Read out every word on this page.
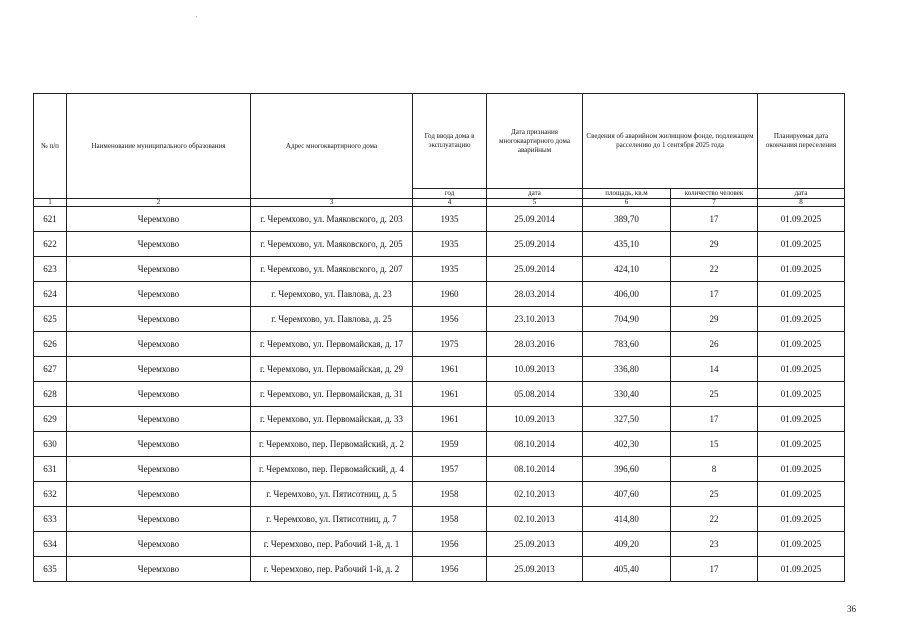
'
№ п/п	Наименование муниципального образования	Адрес многоквартирного дома	Год ввода дома в эксплуатацию	Дата признания многоквартирного дома аварийным	Сведения об аварийном жилищном фонде, подлежащем расселению до 1 сентября 2025 года		Планируемая дата окончания переселения
			год	дата	площадь, кв.м	количество человек	дата
1	2	3	4	5	6	7	8
621	Черемхово	г. Черемхово, ул. Маяковского, д. 203	1935	25.09.2014	389,70	17	01.09.2025
622	Черемхово	г. Черемхово, ул. Маяковского, д. 205	1935	25.09.2014	435,10	29	01.09.2025
623	Черемхово	г. Черемхово, ул. Маяковского, д. 207	1935	25.09.2014	424,10	22	01.09.2025
624	Черемхово	г. Черемхово, ул. Павлова, д. 23	1960	28.03.2014	406,00	17	01.09.2025
625	Черемхово	г. Черемхово, ул. Павлова, д. 25	1956	23.10.2013	704,90	29	01.09.2025
626	Черемхово	г. Черемхово, ул. Первомайская, д. 17	1975	28.03.2016	783,60	26	01.09.2025
627	Черемхово	г. Черемхово, ул. Первомайская, д. 29	1961	10.09.2013	336,80	14	01.09.2025
628	Черемхово	г. Черемхово, ул. Первомайская, д. 31	1961	05.08.2014	330,40	25	01.09.2025
629	Черемхово	г. Черемхово, ул. Первомайская, д. 33	1961	10.09.2013	327,50	17	01.09.2025
630	Черемхово	г. Черемхово, пер. Первомайский, д. 2	1959	08.10.2014	402,30	15	01.09.2025
631	Черемхово	г. Черемхово, пер. Первомайский, д. 4	1957	08.10.2014	396,60	8	01.09.2025
632	Черемхово	г. Черемхово, ул. Пятисотниц, д. 5	1958	02.10.2013	407,60	25	01.09.2025
633	Черемхово	г. Черемхово, ул. Пятисотниц, д. 7	1958	02.10.2013	414,80	22	01.09.2025
634	Черемхово	г. Черемхово, пер. Рабочий 1-й, д. 1	1956	25.09.2013	409,20	23	01.09.2025
635	Черемхово	г. Черемхово, пер. Рабочий 1-й, д. 2	1956	25.09.2013	405,40	17	01.09.2025
36
